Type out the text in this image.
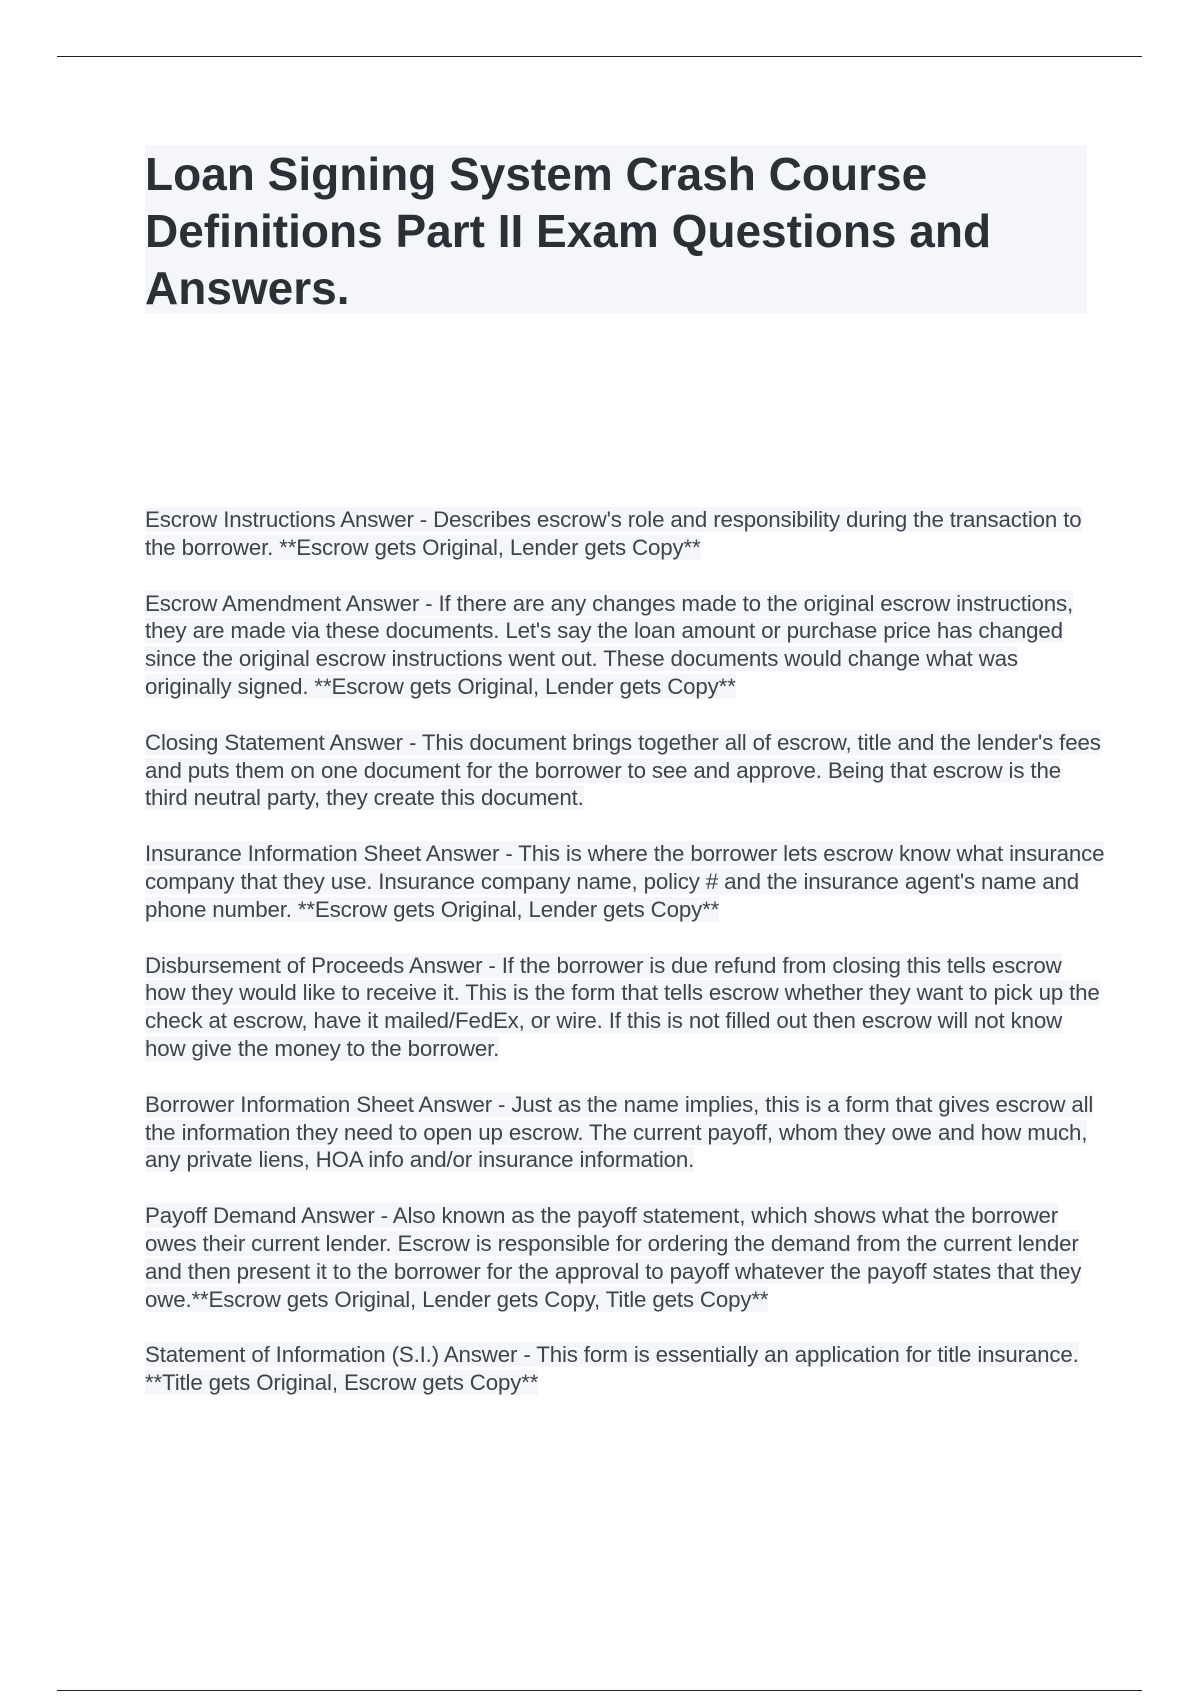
Loan Signing System Crash Course Definitions Part II Exam Questions and Answers.

Escrow Instructions Answer - Describes escrow's role and responsibility during the transaction to the borrower. **Escrow gets Original, Lender gets Copy**

Escrow Amendment Answer - If there are any changes made to the original escrow instructions, they are made via these documents. Let's say the loan amount or purchase price has changed since the original escrow instructions went out. These documents would change what was originally signed. **Escrow gets Original, Lender gets Copy**

Closing Statement Answer - This document brings together all of escrow, title and the lender's fees and puts them on one document for the borrower to see and approve. Being that escrow is the third neutral party, they create this document.

Insurance Information Sheet Answer - This is where the borrower lets escrow know what insurance company that they use. Insurance company name, policy # and the insurance agent's name and phone number. **Escrow gets Original, Lender gets Copy**

Disbursement of Proceeds Answer - If the borrower is due refund from closing this tells escrow how they would like to receive it. This is the form that tells escrow whether they want to pick up the check at escrow, have it mailed/FedEx, or wire. If this is not filled out then escrow will not know how give the money to the borrower.

Borrower Information Sheet Answer - Just as the name implies, this is a form that gives escrow all the information they need to open up escrow. The current payoff, whom they owe and how much, any private liens, HOA info and/or insurance information.

Payoff Demand Answer - Also known as the payoff statement, which shows what the borrower owes their current lender. Escrow is responsible for ordering the demand from the current lender and then present it to the borrower for the approval to payoff whatever the payoff states that they owe.**Escrow gets Original, Lender gets Copy, Title gets Copy**

Statement of Information (S.I.) Answer - This form is essentially an application for title insurance. **Title gets Original, Escrow gets Copy**
